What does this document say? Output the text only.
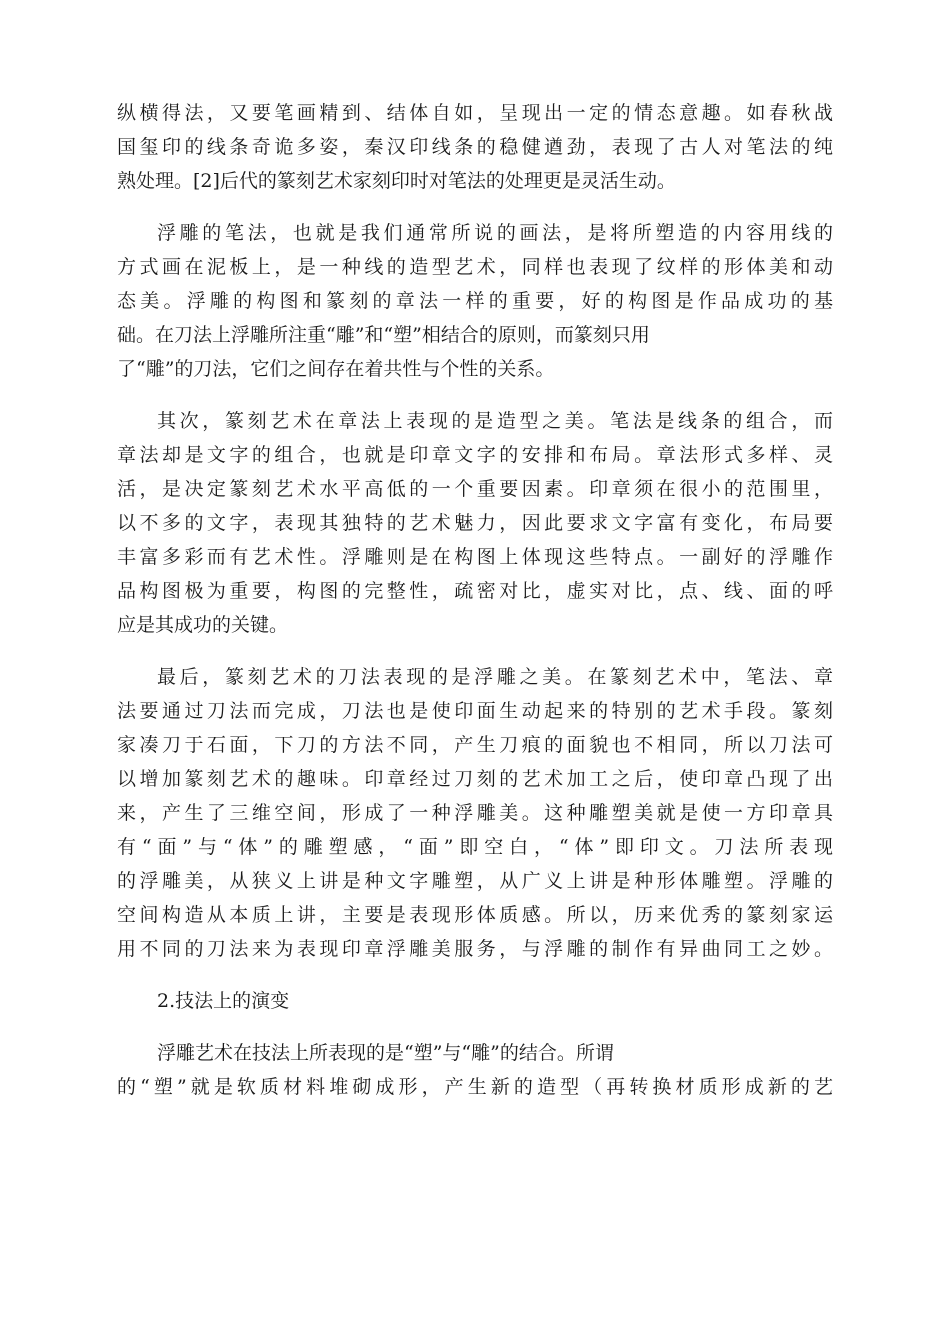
纵横得法，又要笔画精到、结体自如，呈现出一定的情态意趣。如春秋战
国玺印的线条奇诡多姿，秦汉印线条的稳健遒劲，表现了古人对笔法的纯
熟处理。[2]后代的篆刻艺术家刻印时对笔法的处理更是灵活生动。
浮雕的笔法，也就是我们通常所说的画法，是将所塑造的内容用线的
方式画在泥板上，是一种线的造型艺术，同样也表现了纹样的形体美和动
态美。浮雕的构图和篆刻的章法一样的重要，好的构图是作品成功的基
础。在刀法上浮雕所注重“雕”和“塑”相结合的原则，而篆刻只用
了“雕”的刀法，它们之间存在着共性与个性的关系。
其次，篆刻艺术在章法上表现的是造型之美。笔法是线条的组合，而
章法却是文字的组合，也就是印章文字的安排和布局。章法形式多样、灵
活，是决定篆刻艺术水平高低的一个重要因素。印章须在很小的范围里，
以不多的文字，表现其独特的艺术魅力，因此要求文字富有变化，布局要
丰富多彩而有艺术性。浮雕则是在构图上体现这些特点。一副好的浮雕作
品构图极为重要，构图的完整性，疏密对比，虚实对比，点、线、面的呼
应是其成功的关键。
最后，篆刻艺术的刀法表现的是浮雕之美。在篆刻艺术中，笔法、章
法要通过刀法而完成，刀法也是使印面生动起来的特别的艺术手段。篆刻
家凑刀于石面，下刀的方法不同，产生刀痕的面貌也不相同，所以刀法可
以增加篆刻艺术的趣味。印章经过刀刻的艺术加工之后，使印章凸现了出
来，产生了三维空间，形成了一种浮雕美。这种雕塑美就是使一方印章具
有“面”与“体”的雕塑感，“面”即空白，“体”即印文。刀法所表现
的浮雕美，从狭义上讲是种文字雕塑，从广义上讲是种形体雕塑。浮雕的
空间构造从本质上讲，主要是表现形体质感。所以，历来优秀的篆刻家运
用不同的刀法来为表现印章浮雕美服务，与浮雕的制作有异曲同工之妙。
2.技法上的演变
浮雕艺术在技法上所表现的是“塑”与“雕”的结合。所谓
的“塑”就是软质材料堆砌成形，产生新的造型（再转换材质形成新的艺
